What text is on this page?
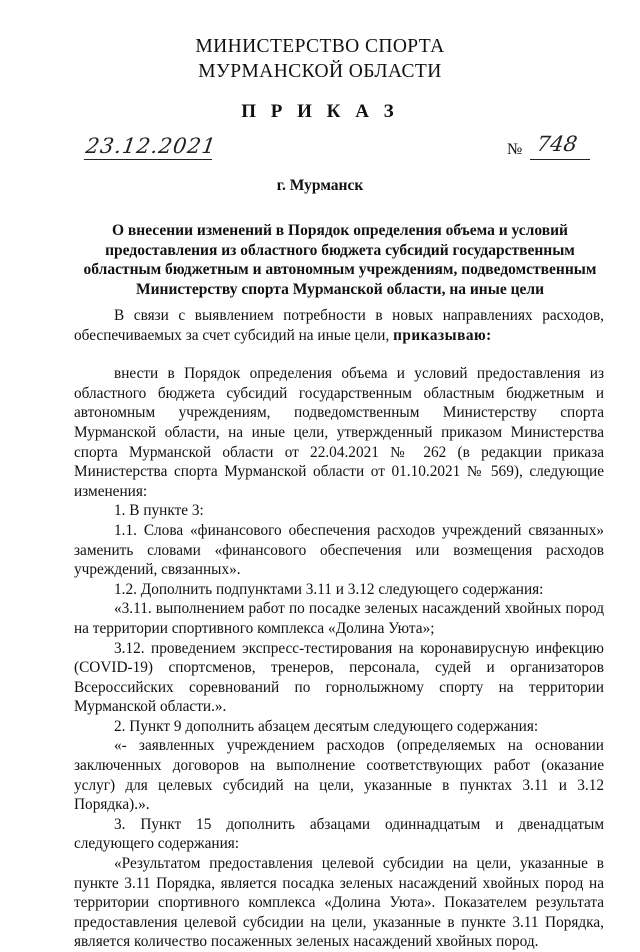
МИНИСТЕРСТВО СПОРТА
МУРМАНСКОЙ ОБЛАСТИ
П Р И К А З
23.12.2021	№ 748
г. Мурманск
О внесении изменений в Порядок определения объема и условий
предоставления из областного бюджета субсидий государственным
областным бюджетным и автономным учреждениям, подведомственным
Министерству спорта Мурманской области, на иные цели

В связи с выявлением потребности в новых направлениях расходов, обеспечиваемых за счет субсидий на иные цели, приказываю:

внести в Порядок определения объема и условий предоставления из областного бюджета субсидий государственным областным бюджетным и автономным учреждениям, подведомственным Министерству спорта Мурманской области, на иные цели, утвержденный приказом Министерства спорта Мурманской области от 22.04.2021 № 262 (в редакции приказа Министерства спорта Мурманской области от 01.10.2021 № 569), следующие изменения:

1. В пункте 3:

1.1. Слова «финансового обеспечения расходов учреждений связанных» заменить словами «финансового обеспечения или возмещения расходов учреждений, связанных».

1.2. Дополнить подпунктами 3.11 и 3.12 следующего содержания:

«3.11. выполнением работ по посадке зеленых насаждений хвойных пород на территории спортивного комплекса «Долина Уюта»;

3.12. проведением экспресс-тестирования на коронавирусную инфекцию (COVID-19) спортсменов, тренеров, персонала, судей и организаторов Всероссийских соревнований по горнолыжному спорту на территории Мурманской области.».

2. Пункт 9 дополнить абзацем десятым следующего содержания:

«- заявленных учреждением расходов (определяемых на основании заключенных договоров на выполнение соответствующих работ (оказание услуг) для целевых субсидий на цели, указанные в пунктах 3.11 и 3.12 Порядка).».

3. Пункт 15 дополнить абзацами одиннадцатым и двенадцатым следующего содержания:

«Результатом предоставления целевой субсидии на цели, указанные в пункте 3.11 Порядка, является посадка зеленых насаждений хвойных пород на территории спортивного комплекса «Долина Уюта». Показателем результата предоставления целевой субсидии на цели, указанные в пункте 3.11 Порядка, является количество посаженных зеленых насаждений хвойных пород.
